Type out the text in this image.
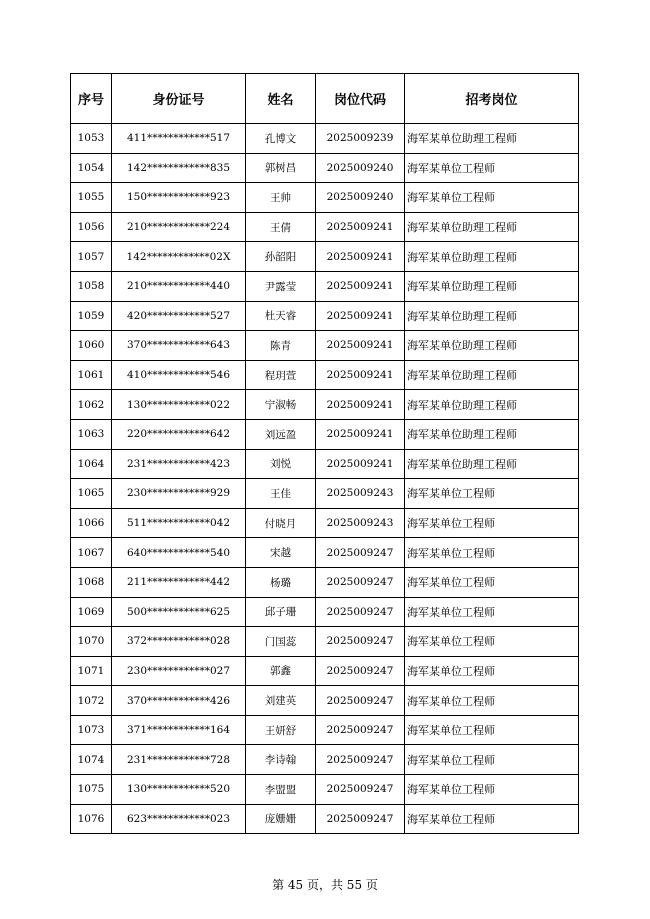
序号	身份证号	姓名	岗位代码	招考岗位
1053	411************517	孔博文	2025009239	海军某单位助理工程师
1054	142************835	郭树昌	2025009240	海军某单位工程师
1055	150************923	王帅	2025009240	海军某单位工程师
1056	210************224	王倩	2025009241	海军某单位助理工程师
1057	142************02X	孙韶阳	2025009241	海军某单位助理工程师
1058	210************440	尹露莹	2025009241	海军某单位助理工程师
1059	420************527	杜天睿	2025009241	海军某单位助理工程师
1060	370************643	陈青	2025009241	海军某单位助理工程师
1061	410************546	程玥萱	2025009241	海军某单位助理工程师
1062	130************022	宁淑畅	2025009241	海军某单位助理工程师
1063	220************642	刘远盈	2025009241	海军某单位助理工程师
1064	231************423	刘悦	2025009241	海军某单位助理工程师
1065	230************929	王佳	2025009243	海军某单位工程师
1066	511************042	付晓月	2025009243	海军某单位工程师
1067	640************540	宋越	2025009247	海军某单位工程师
1068	211************442	杨璐	2025009247	海军某单位工程师
1069	500************625	邱子珊	2025009247	海军某单位工程师
1070	372************028	门国蕊	2025009247	海军某单位工程师
1071	230************027	郭鑫	2025009247	海军某单位工程师
1072	370************426	刘建英	2025009247	海军某单位工程师
1073	371************164	王妍舒	2025009247	海军某单位工程师
1074	231************728	李诗翰	2025009247	海军某单位工程师
1075	130************520	李盟盟	2025009247	海军某单位工程师
1076	623************023	庞姗姗	2025009247	海军某单位工程师
第 45 页，共 55 页
